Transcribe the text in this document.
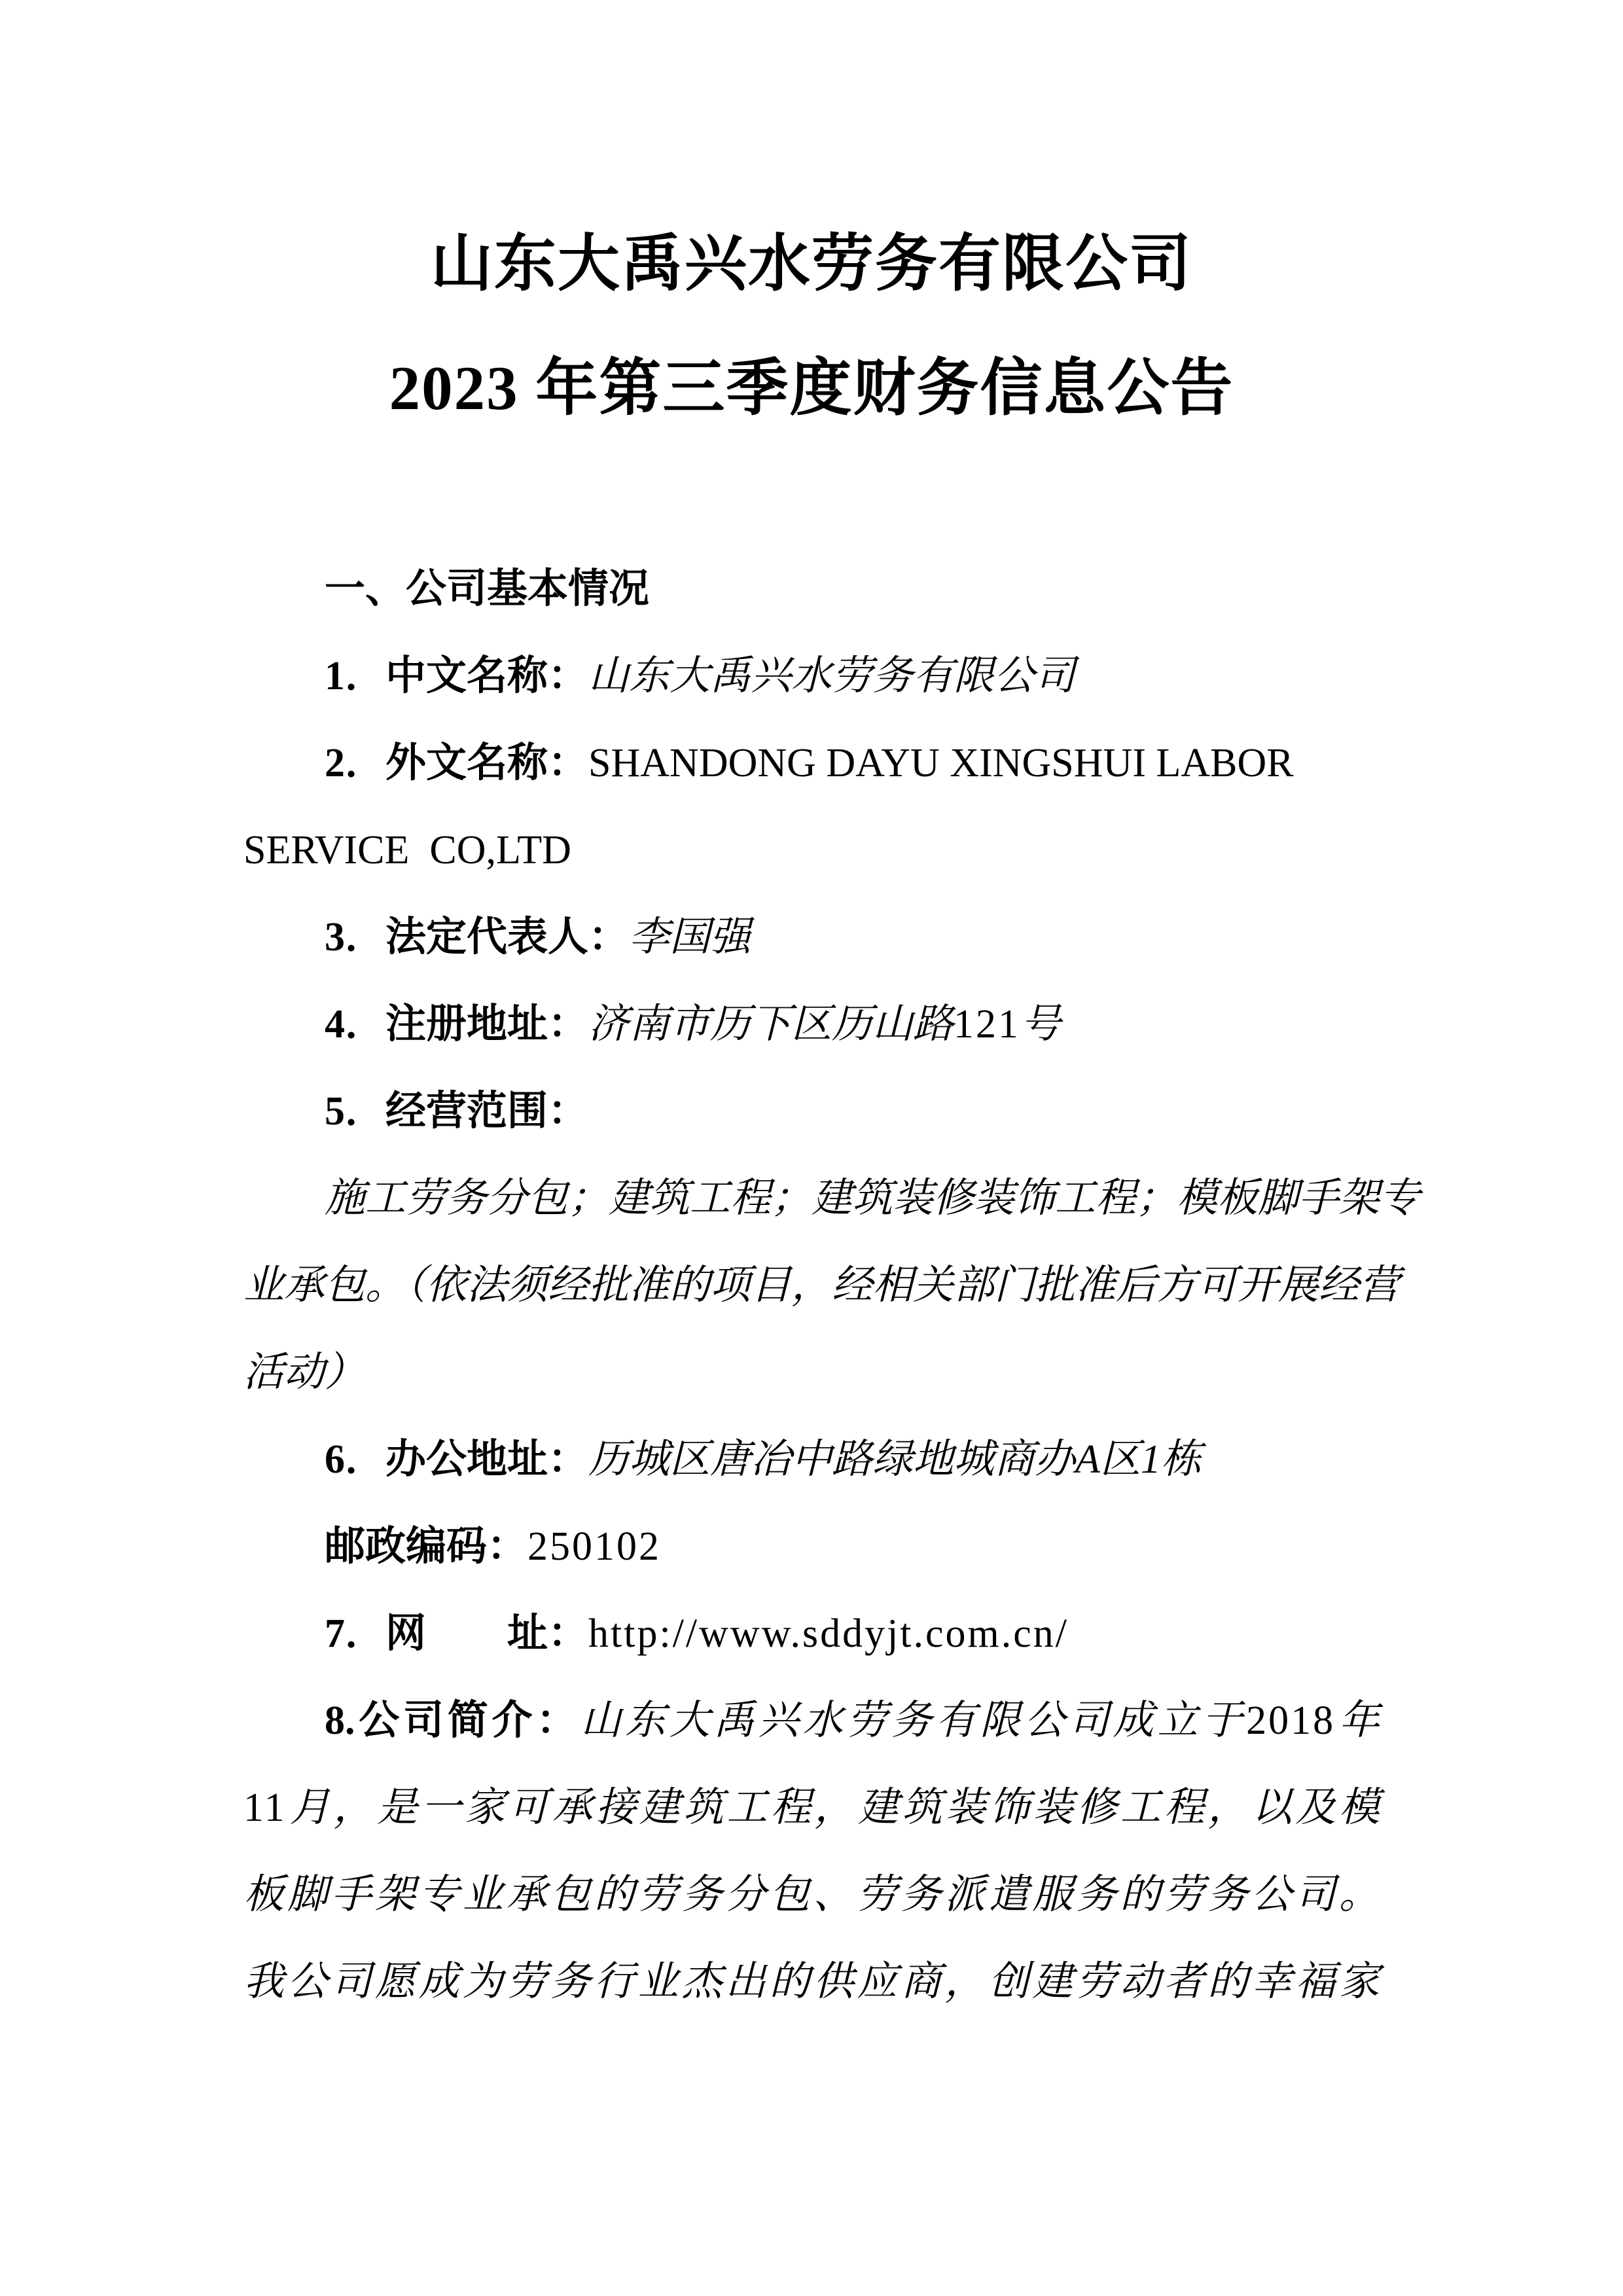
山东大禹兴水劳务有限公司
2023 年第三季度财务信息公告
一、公司基本情况
1．中文名称：山东大禹兴水劳务有限公司
2．外文名称：SHANDONG DAYU XINGSHUI LABOR
SERVICE  CO,LTD
3．法定代表人：李国强
4．注册地址：济南市历下区历山路121号
5．经营范围：
施工劳务分包；建筑工程；建筑装修装饰工程；模板脚手架专
业承包。（依法须经批准的项目，经相关部门批准后方可开展经营
活动）
6．办公地址：历城区唐冶中路绿地城商办A区1栋
邮政编码：250102
7．网　　址：http://www.sddyjt.com.cn/
8.公司简介：山东大禹兴水劳务有限公司成立于2018年
11月，是一家可承接建筑工程，建筑装饰装修工程，以及模
板脚手架专业承包的劳务分包、劳务派遣服务的劳务公司。
我公司愿成为劳务行业杰出的供应商，创建劳动者的幸福家
